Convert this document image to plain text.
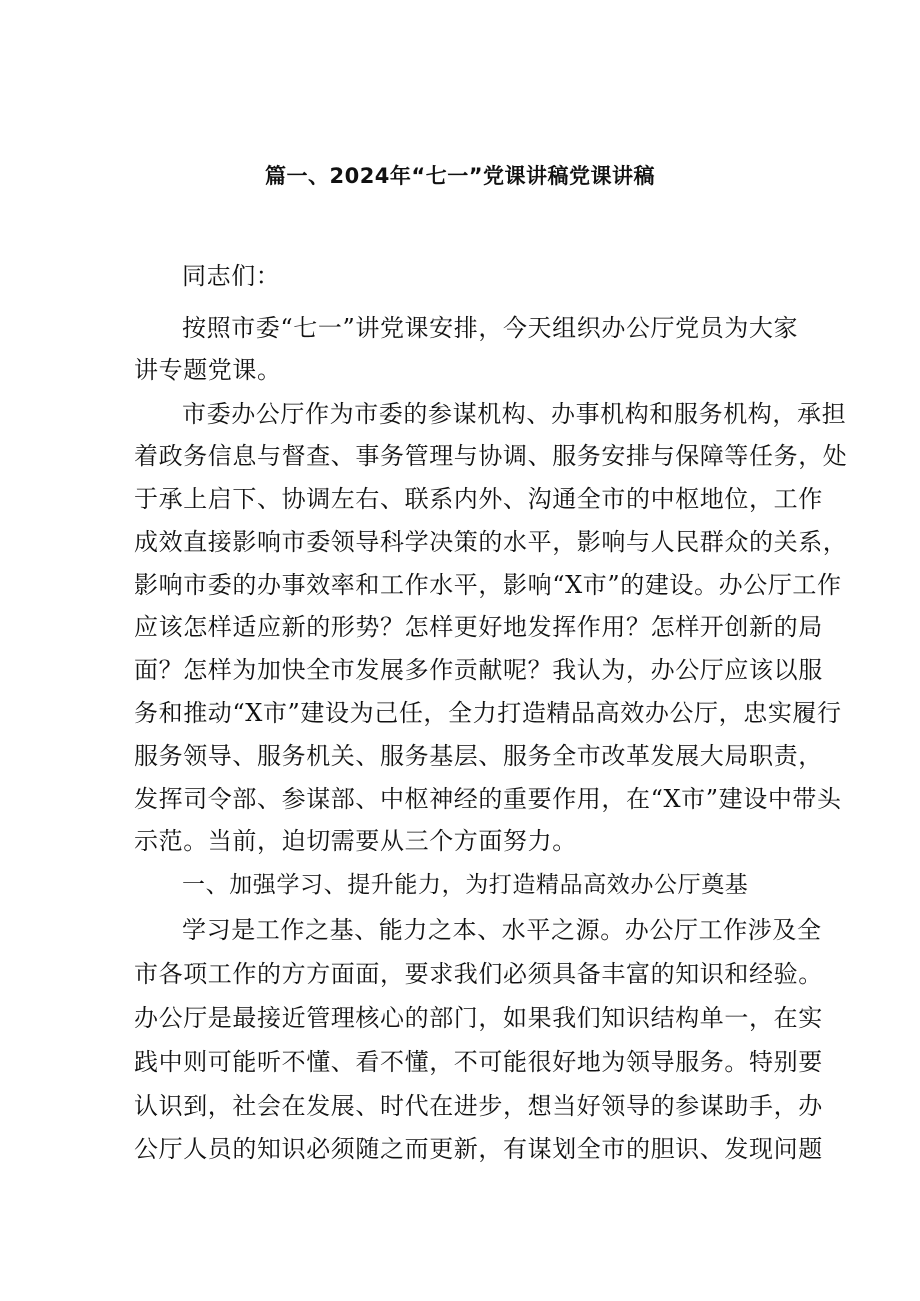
篇一、2024年“七一”党课讲稿党课讲稿
同志们：
按照市委“七一”讲党课安排，今天组织办公厅党员为大家
讲专题党课。
市委办公厅作为市委的参谋机构、办事机构和服务机构，承担
着政务信息与督查、事务管理与协调、服务安排与保障等任务，处
于承上启下、协调左右、联系内外、沟通全市的中枢地位，工作
成效直接影响市委领导科学决策的水平，影响与人民群众的关系，
影响市委的办事效率和工作水平，影响“X市”的建设。办公厅工作
应该怎样适应新的形势？怎样更好地发挥作用？怎样开创新的局
面？怎样为加快全市发展多作贡献呢？我认为，办公厅应该以服
务和推动“X市”建设为己任，全力打造精品高效办公厅，忠实履行
服务领导、服务机关、服务基层、服务全市改革发展大局职责，
发挥司令部、参谋部、中枢神经的重要作用，在“X市”建设中带头
示范。当前，迫切需要从三个方面努力。
一、加强学习、提升能力，为打造精品高效办公厅奠基
学习是工作之基、能力之本、水平之源。办公厅工作涉及全
市各项工作的方方面面，要求我们必须具备丰富的知识和经验。
办公厅是最接近管理核心的部门，如果我们知识结构单一，在实
践中则可能听不懂、看不懂，不可能很好地为领导服务。特别要
认识到，社会在发展、时代在进步，想当好领导的参谋助手，办
公厅人员的知识必须随之而更新，有谋划全市的胆识、发现问题
